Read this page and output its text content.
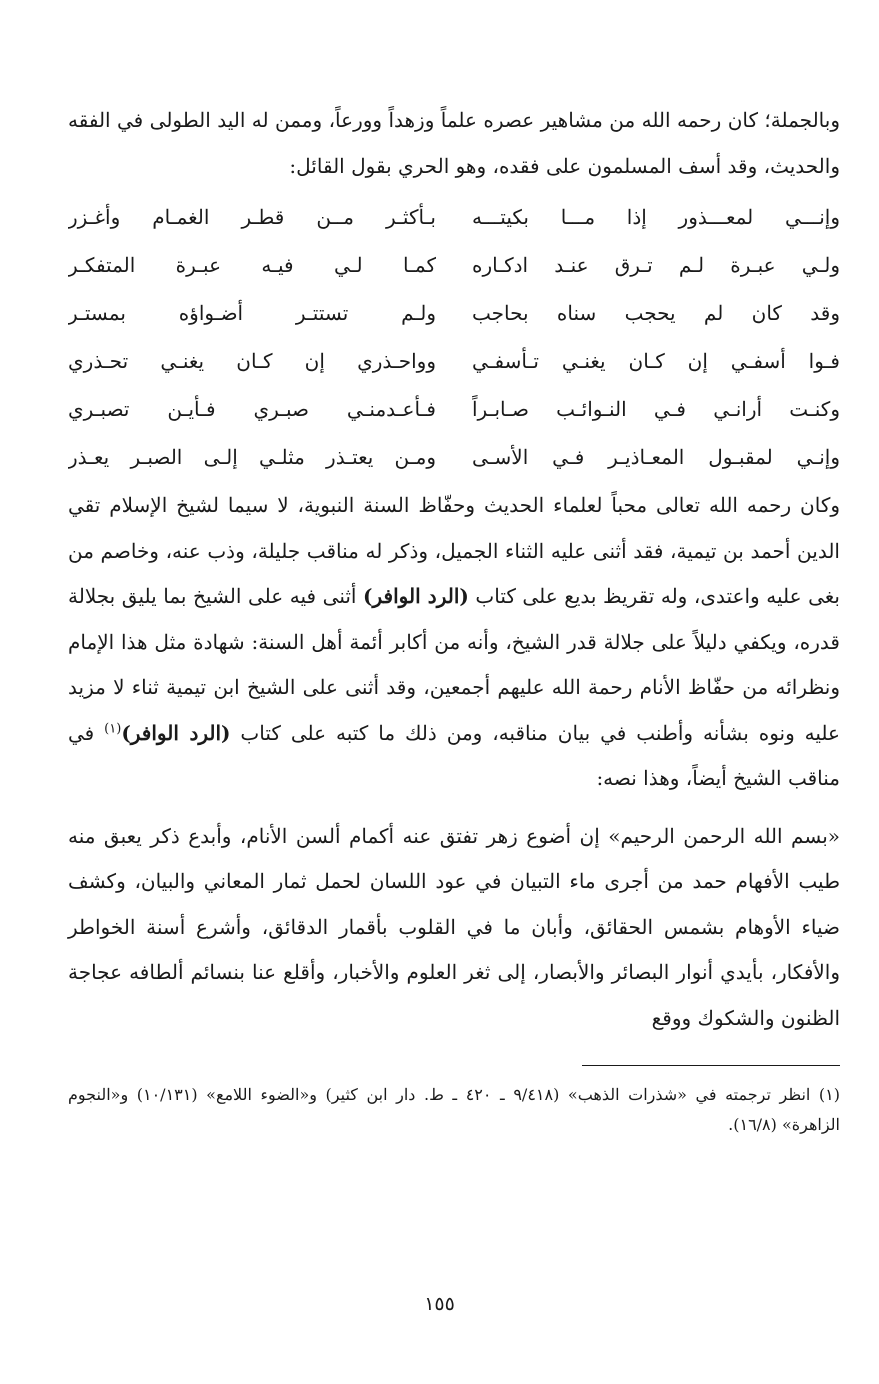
وبالجملة؛ كان رحمه الله من مشاهير عصره علماً وزهداً وورعاً، وممن له اليد الطولى في الفقه والحديث، وقد أسف المسلمون على فقده، وهو الحري بقول القائل:

وإنـــي لمعـــذور إذا مـــا بكيتـــه
بـأكثـر مــن قطـر الغمـام وأغـزر
ولـي عبـرة لـم تـرق عنـد ادكـاره
كمـا لـي فيـه عبـرة المتفكـر
وقد كان لم يحجب سناه بحاجب
ولـم تستتـر أضـواؤه بمستـر
فـوا أسفـي إن كـان يغنـي تـأسفـي
وواحـذري إن كـان يغنـي تحـذري
وكنـت أرانـي فـي النـوائـب صـابـراً
فـأعـدمنـي صبـري فـأيـن تصبـري
وإنـي لمقبـول المعـاذيـر فـي الأسـى
ومـن يعتـذر مثلـي إلـى الصبـر يعـذر

وكان رحمه الله تعالى محباً لعلماء الحديث وحفّاظ السنة النبوية، لا سيما لشيخ الإسلام تقي الدين أحمد بن تيمية، فقد أثنى عليه الثناء الجميل، وذكر له مناقب جليلة، وذب عنه، وخاصم من بغى عليه واعتدى، وله تقريظ بديع على كتاب (الرد الوافر) أثنى فيه على الشيخ بما يليق بجلالة قدره، ويكفي دليلاً على جلالة قدر الشيخ، وأنه من أكابر أئمة أهل السنة: شهادة مثل هذا الإمام ونظرائه من حفّاظ الأنام رحمة الله عليهم أجمعين، وقد أثنى على الشيخ ابن تيمية ثناء لا مزيد عليه ونوه بشأنه وأطنب في بيان مناقبه، ومن ذلك ما كتبه على كتاب (الرد الوافر)$^{(١)}$ في مناقب الشيخ أيضاً، وهذا نصه:

«بسم الله الرحمن الرحيم» إن أضوع زهر تفتق عنه أكمام ألسن الأنام، وأبدع ذكر يعبق منه طيب الأفهام حمد من أجرى ماء التبيان في عود اللسان لحمل ثمار المعاني والبيان، وكشف ضياء الأوهام بشمس الحقائق، وأبان ما في القلوب بأقمار الدقائق، وأشرع أسنة الخواطر والأفكار، بأيدي أنوار البصائر والأبصار، إلى ثغر العلوم والأخبار، وأقلع عنا بنسائم ألطافه عجاجة الظنون والشكوك ووقع

(١) انظر ترجمته في «شذرات الذهب» (٩/٤١٨ ـ ٤٢٠ ـ ط. دار ابن كثير) و«الضوء اللامع» (١٠/١٣١) و«النجوم الزاهرة» (١٦/٨).

١٥٥
